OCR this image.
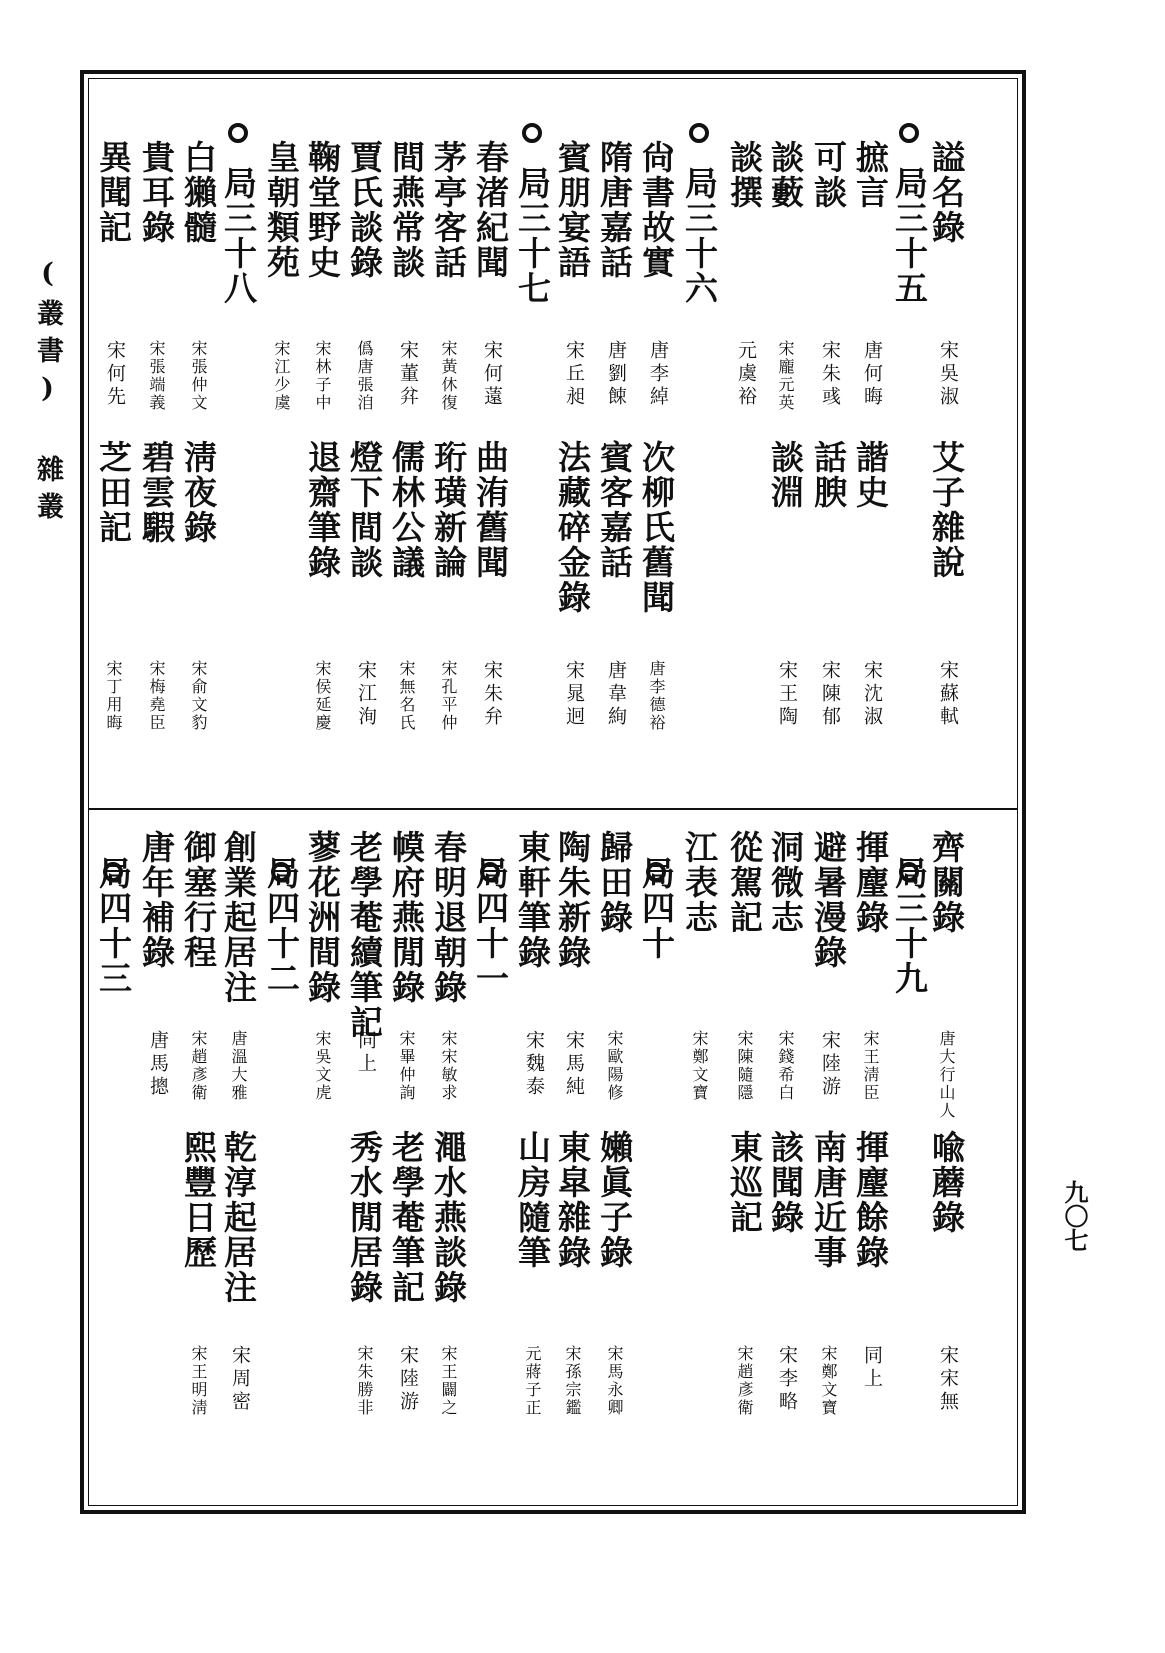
(叢書) 雜叢
九〇七
謚名錄
宋吳淑
艾子雜說
宋蘇軾
局三十五
摭言
唐何晦
諧史
宋沈淑
可談
宋朱彧
話腴
宋陳郁
談藪
宋龐元英
談淵
宋王陶
談撰
元虞裕
局三十六
尙書故實
唐李綽
次柳氏舊聞
唐李德裕
隋唐嘉話
唐劉餗
賓客嘉話
唐韋絢
賓朋宴語
宋丘昶
法藏碎金錄
宋晁迥
局三十七
春渚紀聞
宋何薳
曲洧舊聞
宋朱弁
茅亭客話
宋黃休復
珩璜新論
宋孔平仲
間燕常談
宋董弅
儒林公議
宋無名氏
賈氏談錄
僞唐張洎
燈下間談
宋江洵
鞠堂野史
宋林子中
退齋筆錄
宋侯延慶
皇朝類苑
宋江少虞
局三十八
白獺髓
宋張仲文
淸夜錄
宋俞文豹
貴耳錄
宋張端義
碧雲騢
宋梅堯臣
異聞記
宋何先
芝田記
宋丁用晦
齊關錄
唐大行山人
喩蘑錄
宋宋無
局三十九
揮麈錄
宋王淸臣
揮麈餘錄
同上
避暑漫錄
宋陸游
南唐近事
宋鄭文寶
洞微志
宋錢希白
該聞錄
宋李略
從駕記
宋陳隨隱
東巡記
宋趙彥衛
江表志
宋鄭文寶
局四十
歸田錄
宋歐陽修
嬾眞子錄
宋馬永卿
陶朱新錄
宋馬純
東皐雜錄
宋孫宗鑑
東軒筆錄
宋魏泰
山房隨筆
元蔣子正
局四十一
春明退朝錄
宋宋敏求
澠水燕談錄
宋王闢之
幙府燕閒錄
宋畢仲詢
老學菴筆記
宋陸游
老學菴續筆記
同上
秀水閒居錄
宋朱勝非
蓼花洲間錄
宋吳文虎
局四十二
創業起居注
唐溫大雅
乾淳起居注
宋周密
御塞行程
宋趙彥衛
熙豐日歷
宋王明淸
唐年補錄
唐馬摠
局四十三
